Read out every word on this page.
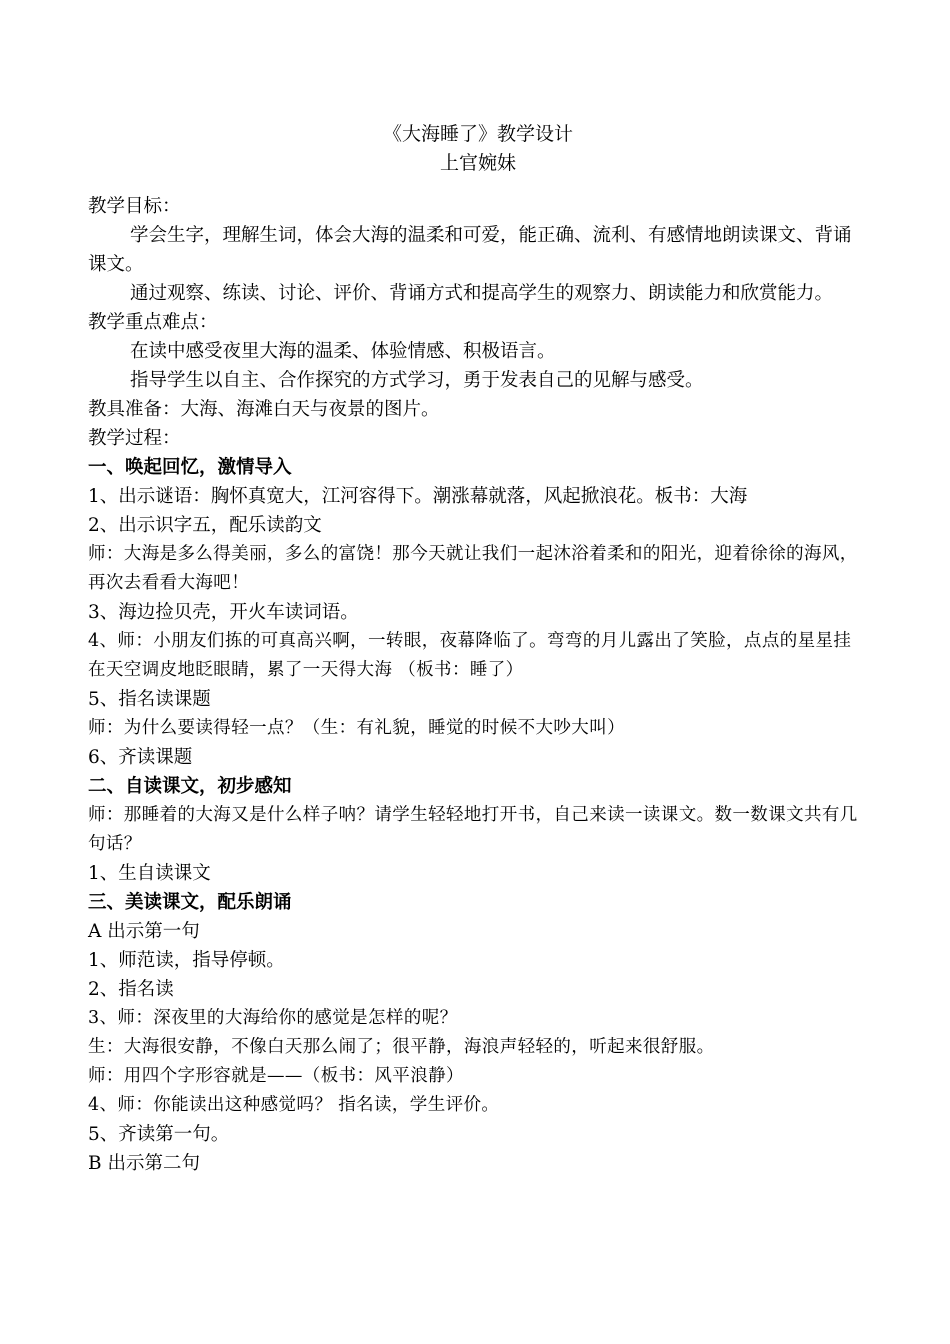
《大海睡了》教学设计

上官婉妹

教学目标：

学会生字，理解生词，体会大海的温柔和可爱，能正确、流利、有感情地朗读课文、背诵课文。

通过观察、练读、讨论、评价、背诵方式和提高学生的观察力、朗读能力和欣赏能力。

教学重点难点：

在读中感受夜里大海的温柔、体验情感、积极语言。

指导学生以自主、合作探究的方式学习，勇于发表自己的见解与感受。

教具准备：大海、海滩白天与夜景的图片。

教学过程：

一、唤起回忆，激情导入

1、出示谜语：胸怀真宽大，江河容得下。潮涨幕就落，风起掀浪花。板书：大海

2、出示识字五，配乐读韵文

师：大海是多么得美丽，多么的富饶！那今天就让我们一起沐浴着柔和的阳光，迎着徐徐的海风，再次去看看大海吧！

3、海边捡贝壳，开火车读词语。

4、师：小朋友们拣的可真高兴啊，一转眼，夜幕降临了。弯弯的月儿露出了笑脸，点点的星星挂在天空调皮地眨眼睛，累了一天得大海 （板书：睡了）

5、指名读课题

师：为什么要读得轻一点？（生：有礼貌，睡觉的时候不大吵大叫）

6、齐读课题

二、自读课文，初步感知

师：那睡着的大海又是什么样子呐？请学生轻轻地打开书，自己来读一读课文。数一数课文共有几句话？

1、生自读课文

三、美读课文，配乐朗诵

A 出示第一句

1、师范读，指导停顿。

2、指名读

3、师：深夜里的大海给你的感觉是怎样的呢？

生：大海很安静，不像白天那么闹了；很平静，海浪声轻轻的，听起来很舒服。

师：用四个字形容就是——（板书：风平浪静）

4、师：你能读出这种感觉吗？ 指名读，学生评价。

5、齐读第一句。

B 出示第二句
